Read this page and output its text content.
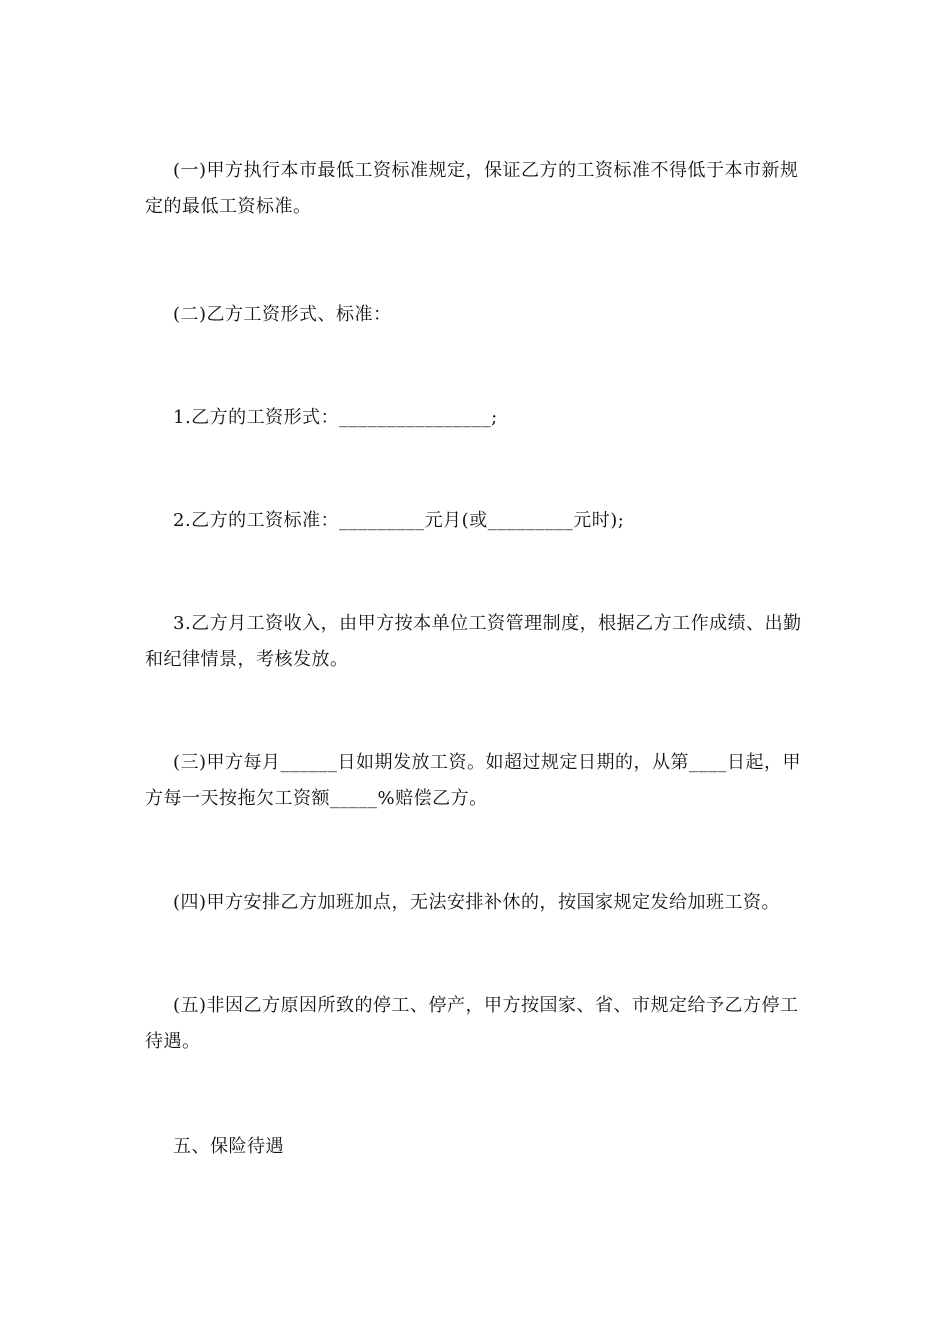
(一)甲方执行本市最低工资标准规定，保证乙方的工资标准不得低于本市新规定的最低工资标准。

(二)乙方工资形式、标准：

1.乙方的工资形式：________________;

2.乙方的工资标准：_________元月(或_________元时);

3.乙方月工资收入，由甲方按本单位工资管理制度，根据乙方工作成绩、出勤和纪律情景，考核发放。

(三)甲方每月______日如期发放工资。如超过规定日期的，从第____日起，甲方每一天按拖欠工资额_____%赔偿乙方。

(四)甲方安排乙方加班加点，无法安排补休的，按国家规定发给加班工资。

(五)非因乙方原因所致的停工、停产，甲方按国家、省、市规定给予乙方停工待遇。

五、保险待遇
